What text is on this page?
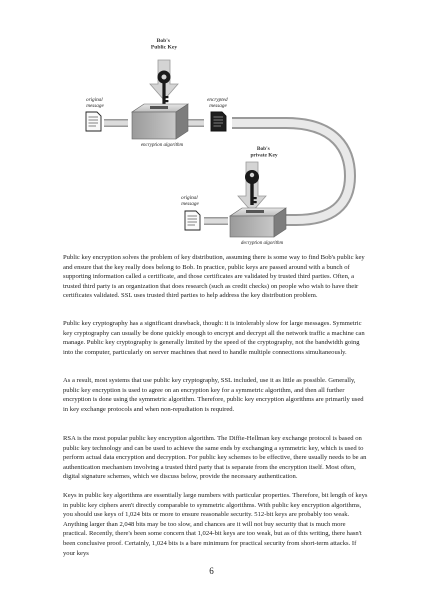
Bob's Public Key
original message
encrypted message
encryption algorithm
Bob's private Key
original message
decryption algorithm

Public key encryption solves the problem of key distribution, assuming there is some way to find Bob's public key and ensure that the key really does belong to Bob. In practice, public keys are passed around with a bunch of supporting information called a certificate, and those certificates are validated by trusted third parties. Often, a trusted third party is an organization that does research (such as credit checks) on people who wish to have their certificates validated. SSL uses trusted third parties to help address the key distribution problem.

Public key cryptography has a significant drawback, though: it is intolerably slow for large messages. Symmetric key cryptography can usually be done quickly enough to encrypt and decrypt all the network traffic a machine can manage. Public key cryptography is generally limited by the speed of the cryptography, not the bandwidth going into the computer, particularly on server machines that need to handle multiple connections simultaneously.

As a result, most systems that use public key cryptography, SSL included, use it as little as possible. Generally, public key encryption is used to agree on an encryption key for a symmetric algorithm, and then all further encryption is done using the symmetric algorithm. Therefore, public key encryption algorithms are primarily used in key exchange protocols and when non-repudiation is required.

RSA is the most popular public key encryption algorithm. The Diffie-Hellman key exchange protocol is based on public key technology and can be used to achieve the same ends by exchanging a symmetric key, which is used to perform actual data encryption and decryption. For public key schemes to be effective, there usually needs to be an authentication mechanism involving a trusted third party that is separate from the encryption itself. Most often, digital signature schemes, which we discuss below, provide the necessary authentication.

Keys in public key algorithms are essentially large numbers with particular properties. Therefore, bit length of keys in public key ciphers aren't directly comparable to symmetric algorithms. With public key encryption algorithms, you should use keys of 1,024 bits or more to ensure reasonable security. 512-bit keys are probably too weak. Anything larger than 2,048 bits may be too slow, and chances are it will not buy security that is much more practical. Recently, there's been some concern that 1,024-bit keys are too weak, but as of this writing, there hasn't been conclusive proof. Certainly, 1,024 bits is a bare minimum for practical security from short-term attacks. If your keys

6
